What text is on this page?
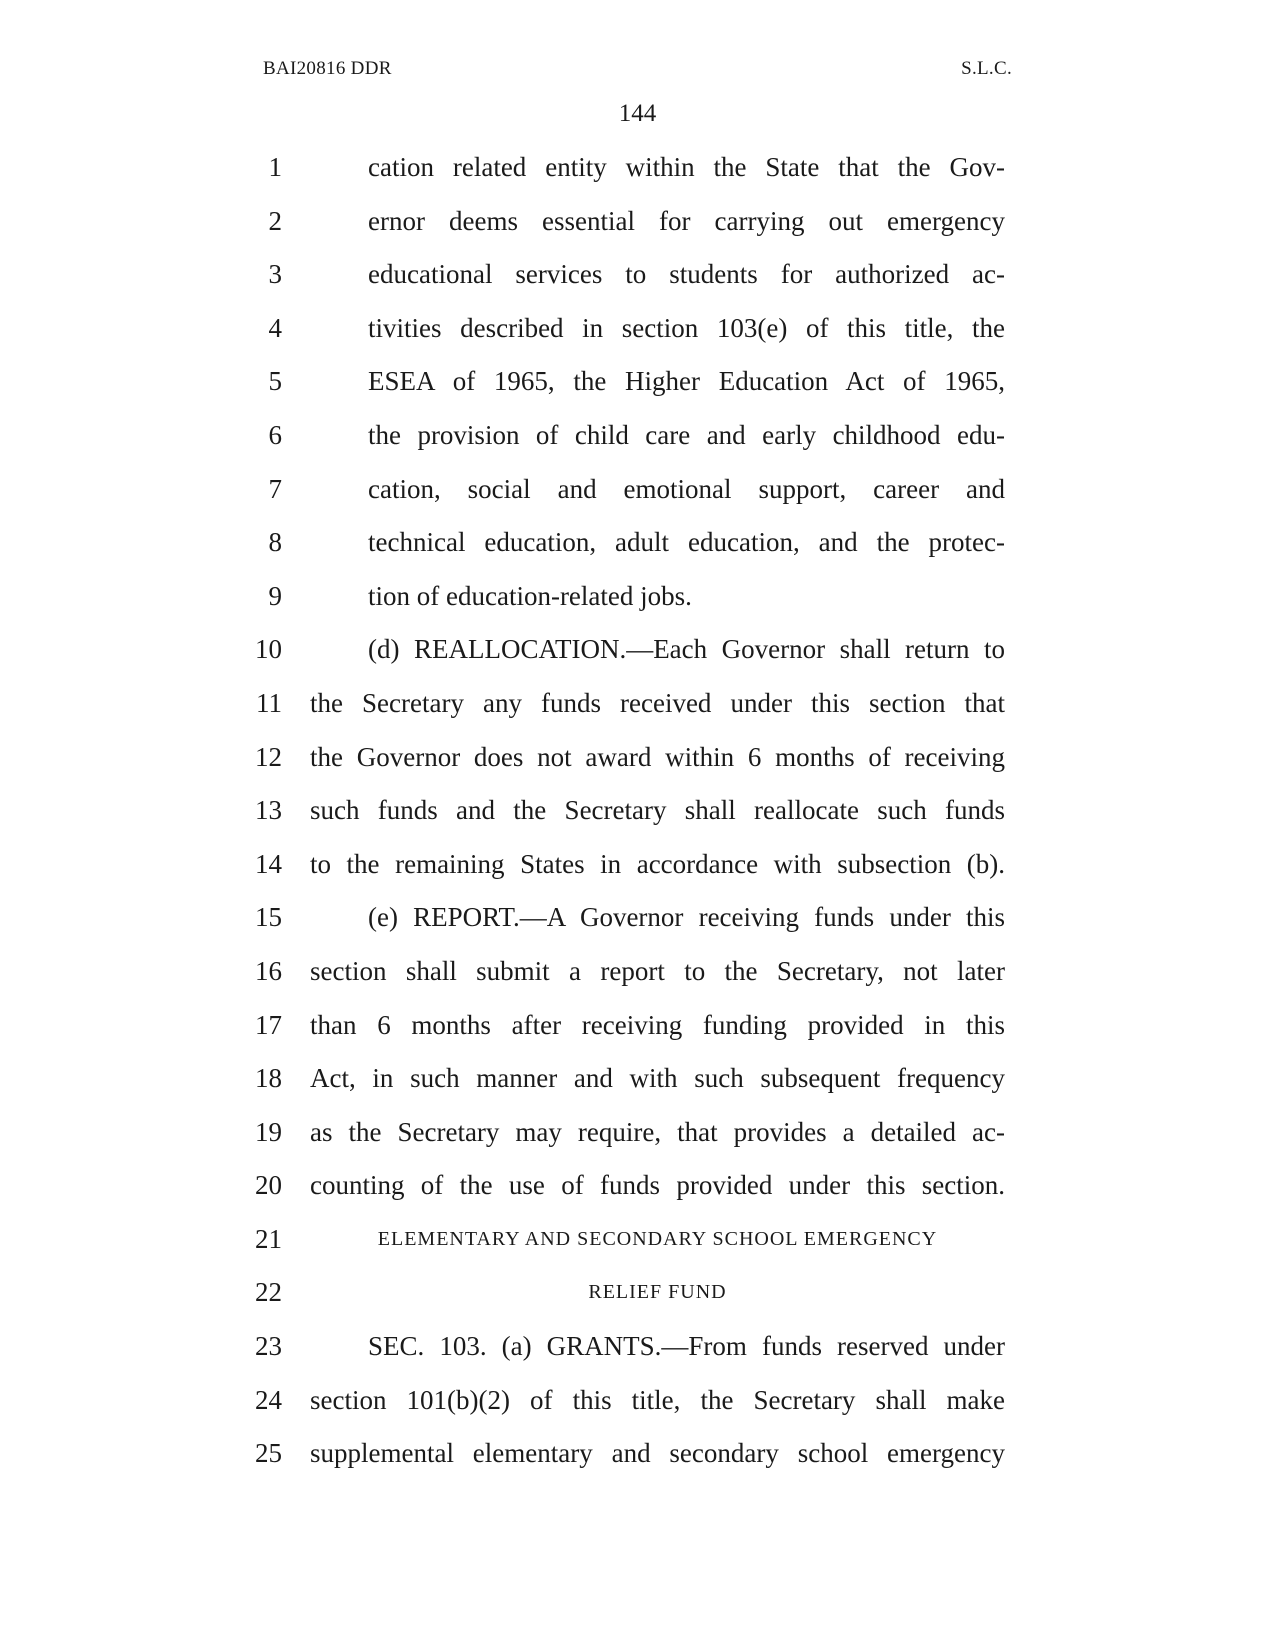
BAI20816 DDR	S.L.C.
144
1	cation related entity within the State that the Gov-
2	ernor deems essential for carrying out emergency
3	educational services to students for authorized ac-
4	tivities described in section 103(e) of this title, the
5	ESEA of 1965, the Higher Education Act of 1965,
6	the provision of child care and early childhood edu-
7	cation, social and emotional support, career and
8	technical education, adult education, and the protec-
9	tion of education-related jobs.
10	(d) REALLOCATION.—Each Governor shall return to
11 the Secretary any funds received under this section that
12 the Governor does not award within 6 months of receiving
13 such funds and the Secretary shall reallocate such funds
14 to the remaining States in accordance with subsection (b).
15	(e) REPORT.—A Governor receiving funds under this
16 section shall submit a report to the Secretary, not later
17 than 6 months after receiving funding provided in this
18 Act, in such manner and with such subsequent frequency
19 as the Secretary may require, that provides a detailed ac-
20 counting of the use of funds provided under this section.
21	ELEMENTARY AND SECONDARY SCHOOL EMERGENCY
22	RELIEF FUND
23	SEC. 103. (a) GRANTS.—From funds reserved under
24 section 101(b)(2) of this title, the Secretary shall make
25 supplemental elementary and secondary school emergency
